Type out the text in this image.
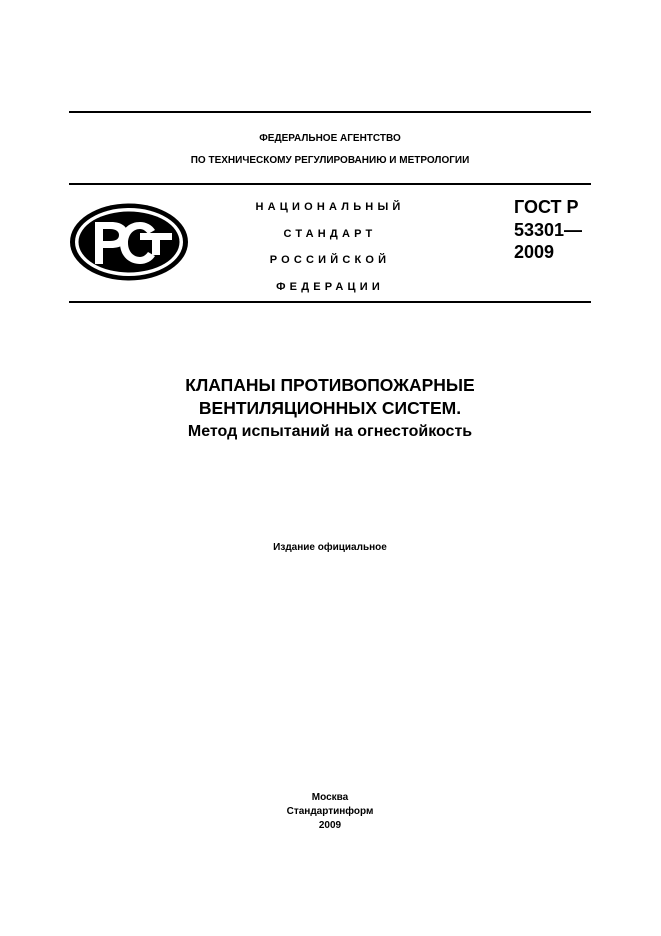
ФЕДЕРАЛЬНОЕ АГЕНТСТВО
ПО ТЕХНИЧЕСКОМУ РЕГУЛИРОВАНИЮ И МЕТРОЛОГИИ
НАЦИОНАЛЬНЫЙ
СТАНДАРТ
РОССИЙСКОЙ
ФЕДЕРАЦИИ
ГОСТ Р
53301—
2009
КЛАПАНЫ ПРОТИВОПОЖАРНЫЕ
ВЕНТИЛЯЦИОННЫХ СИСТЕМ.
Метод испытаний на огнестойкость
Издание официальное
Москва
Стандартинформ
2009
